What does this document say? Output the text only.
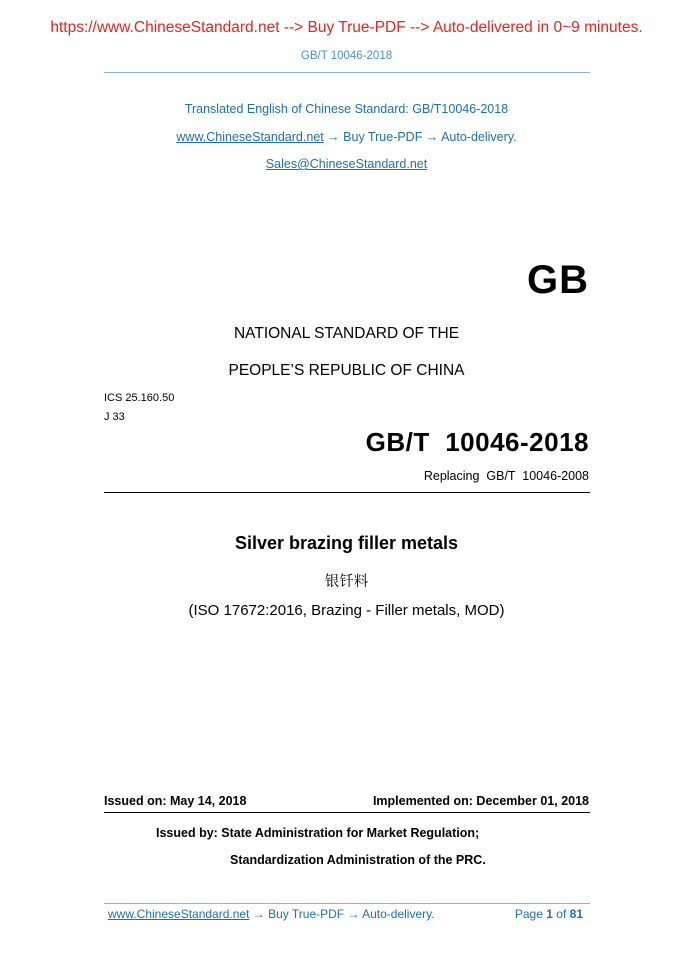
https://www.ChineseStandard.net --> Buy True-PDF --> Auto-delivered in 0~9 minutes.
GB/T 10046-2018
Translated English of Chinese Standard: GB/T10046-2018
www.ChineseStandard.net → Buy True-PDF → Auto-delivery.
Sales@ChineseStandard.net
GB
NATIONAL STANDARD OF THE
PEOPLE’S REPUBLIC OF CHINA
ICS 25.160.50
J 33
GB/T  10046-2018
Replacing  GB/T  10046-2008
Silver brazing filler metals
银钎料
(ISO 17672:2016, Brazing - Filler metals, MOD)
Issued on: May 14, 2018	Implemented on: December 01, 2018
Issued by: State Administration for Market Regulation;
Standardization Administration of the PRC.
www.ChineseStandard.net → Buy True-PDF → Auto-delivery.	Page 1 of 81
